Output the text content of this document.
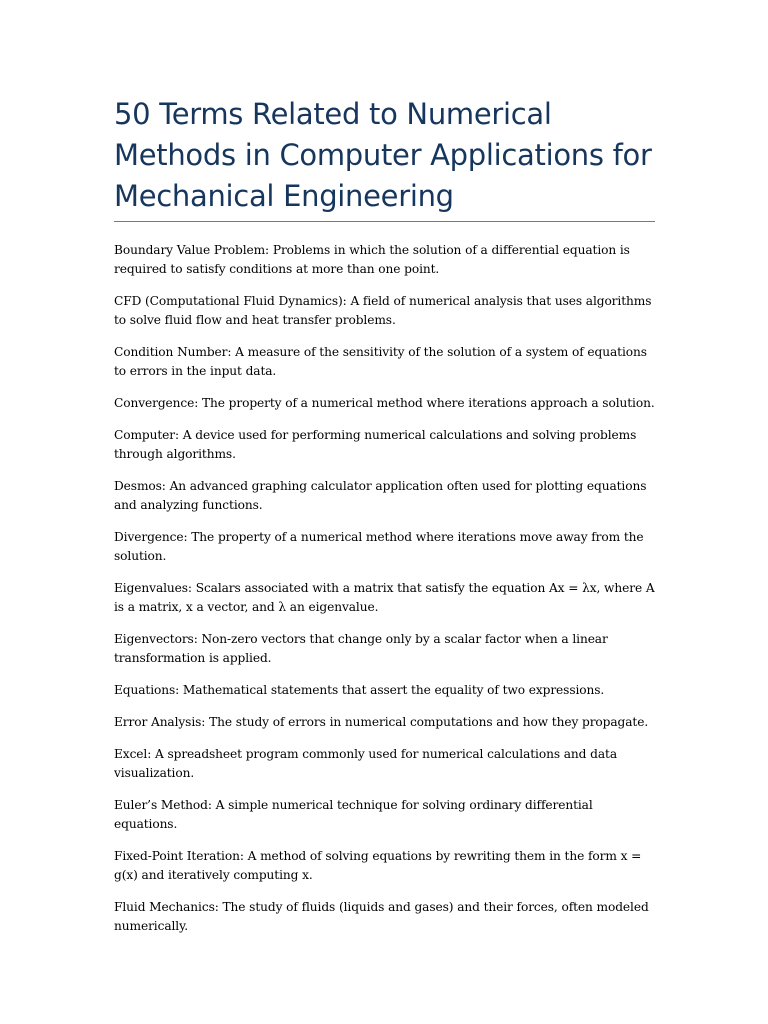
50 Terms Related to Numerical Methods in Computer Applications for Mechanical Engineering
Boundary Value Problem: Problems in which the solution of a differential equation is required to satisfy conditions at more than one point.
CFD (Computational Fluid Dynamics): A field of numerical analysis that uses algorithms to solve fluid flow and heat transfer problems.
Condition Number: A measure of the sensitivity of the solution of a system of equations to errors in the input data.
Convergence: The property of a numerical method where iterations approach a solution.
Computer: A device used for performing numerical calculations and solving problems through algorithms.
Desmos: An advanced graphing calculator application often used for plotting equations and analyzing functions.
Divergence: The property of a numerical method where iterations move away from the solution.
Eigenvalues: Scalars associated with a matrix that satisfy the equation Ax = λx, where A is a matrix, x a vector, and λ an eigenvalue.
Eigenvectors: Non-zero vectors that change only by a scalar factor when a linear transformation is applied.
Equations: Mathematical statements that assert the equality of two expressions.
Error Analysis: The study of errors in numerical computations and how they propagate.
Excel: A spreadsheet program commonly used for numerical calculations and data visualization.
Euler’s Method: A simple numerical technique for solving ordinary differential equations.
Fixed-Point Iteration: A method of solving equations by rewriting them in the form x = g(x) and iteratively computing x.
Fluid Mechanics: The study of fluids (liquids and gases) and their forces, often modeled numerically.
